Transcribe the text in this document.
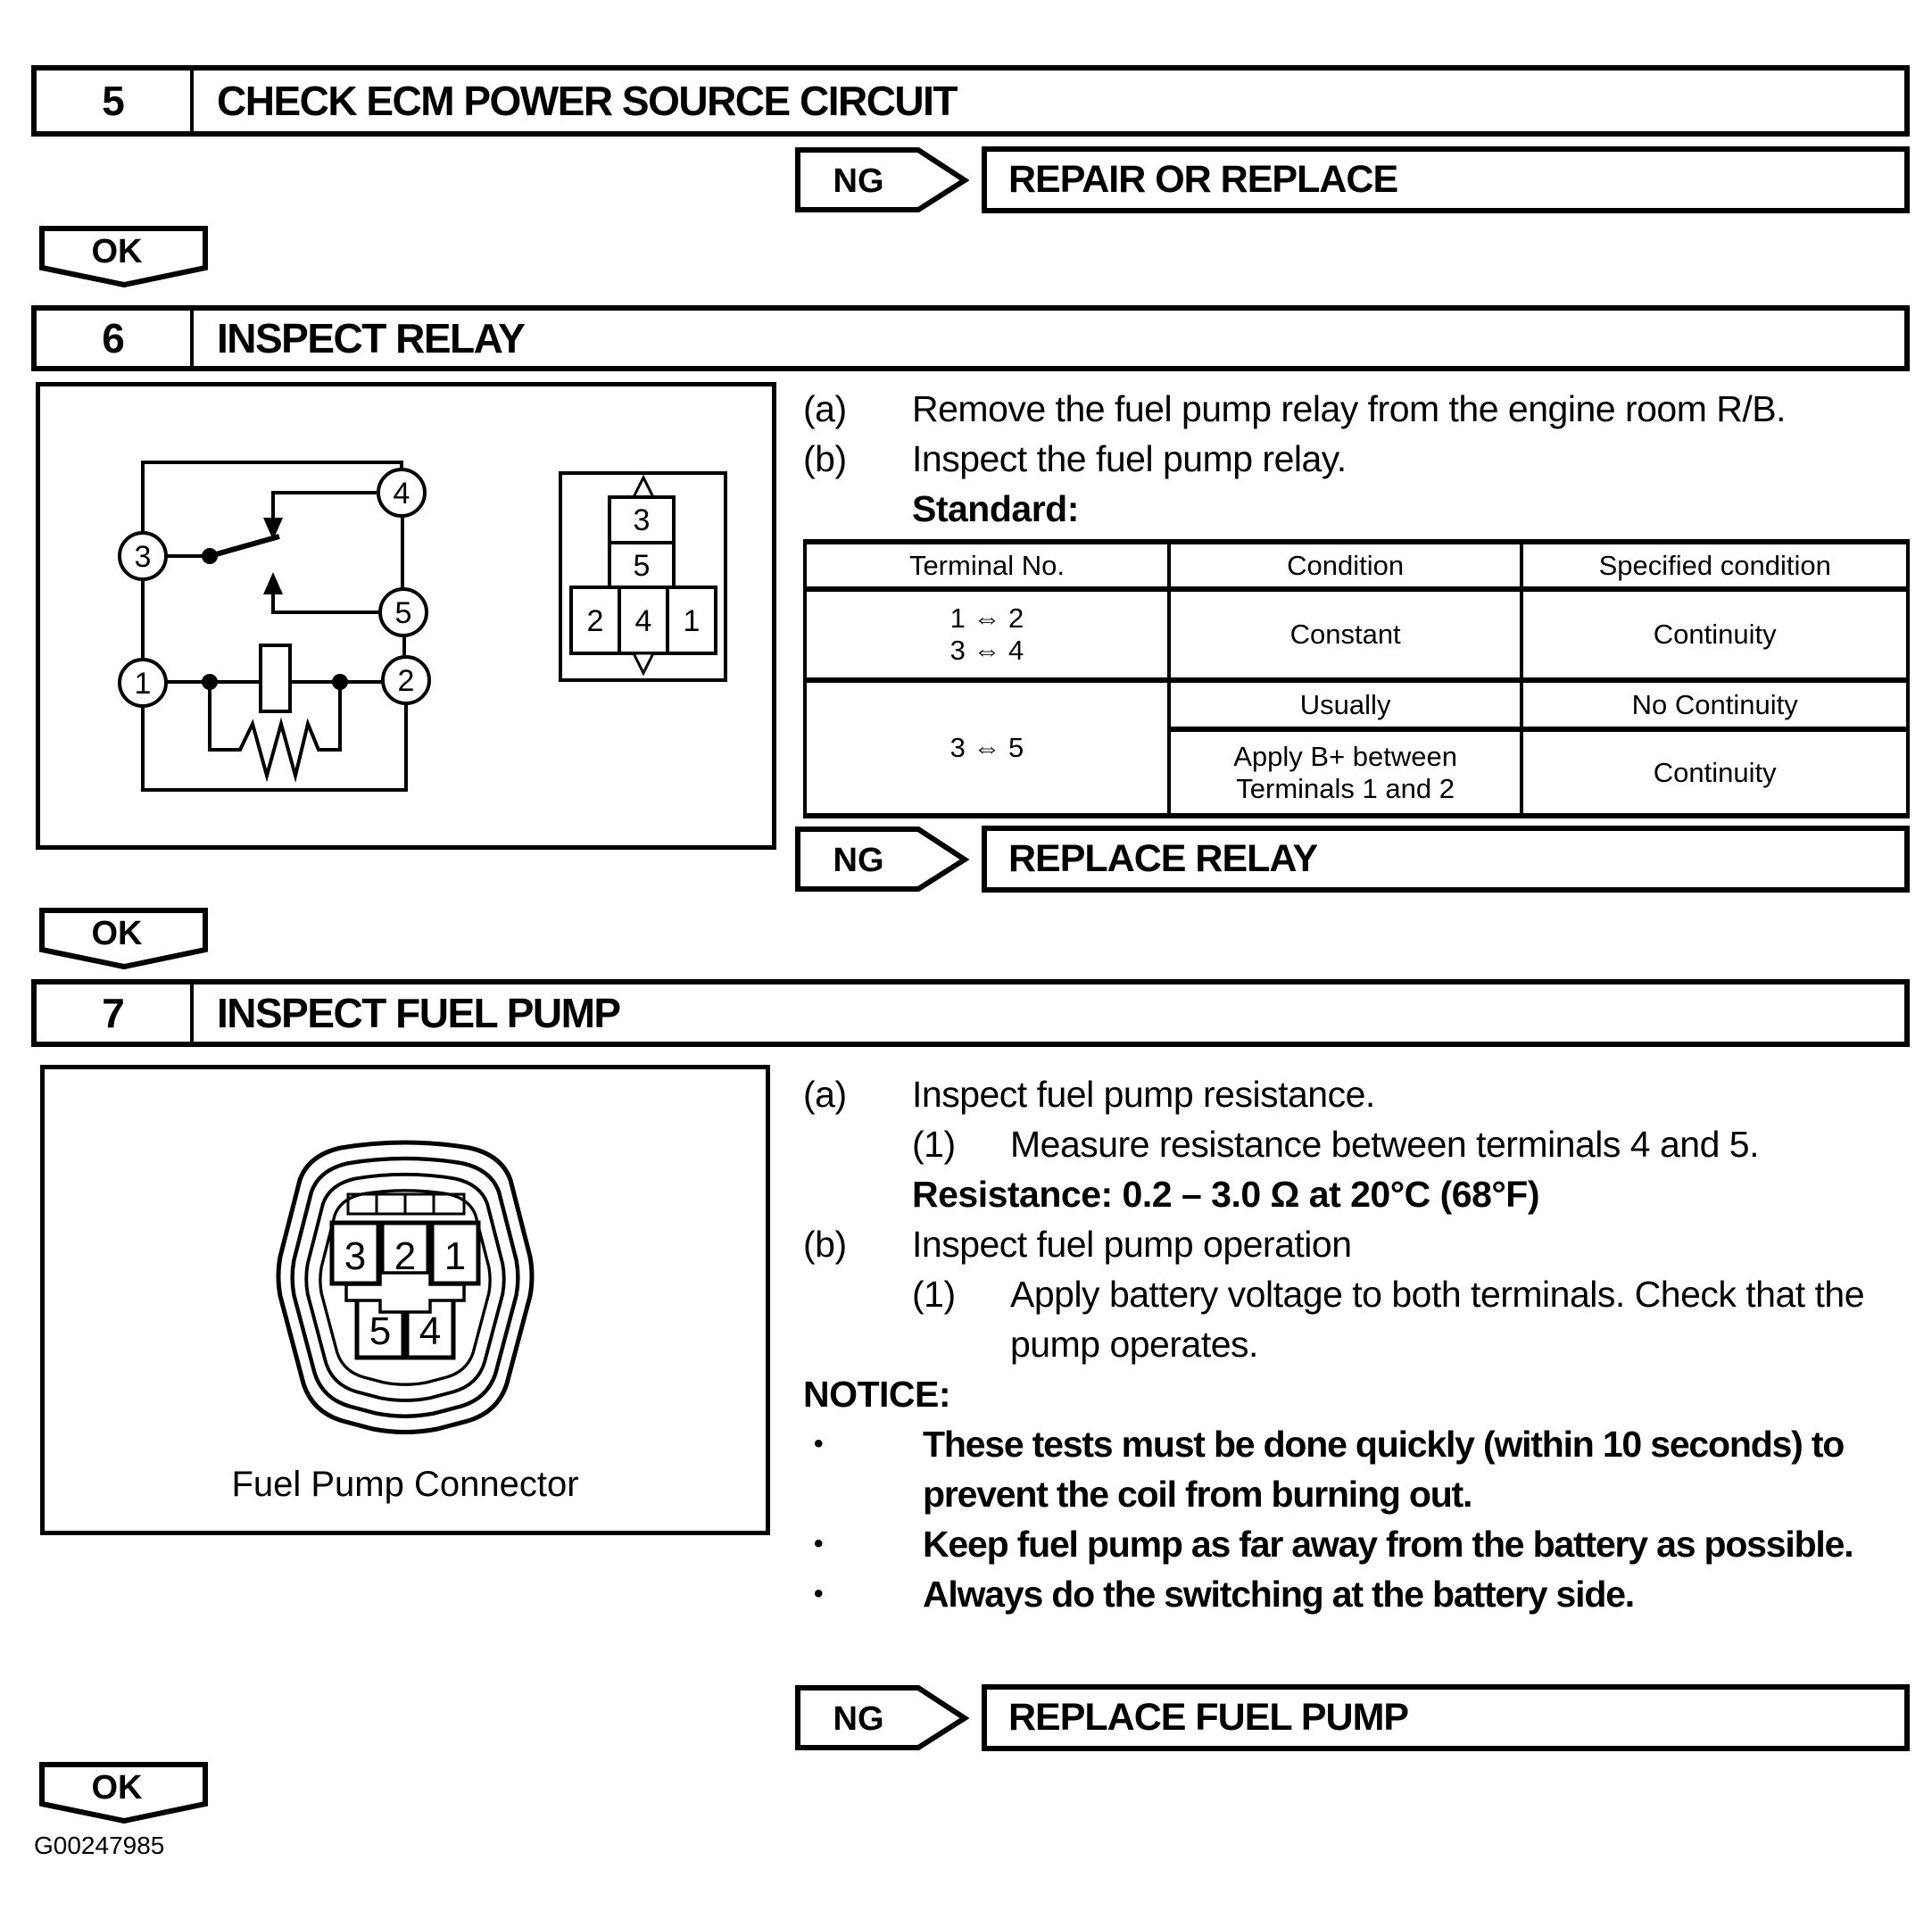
5	CHECK ECM POWER SOURCE CIRCUIT
NG	REPAIR OR REPLACE
OK
6	INSPECT RELAY
1	2
3
4
5
3
5
2 4 1
(a)	Remove the fuel pump relay from the engine room R/B.
(b)	Inspect the fuel pump relay.
Standard:
Terminal No.	Condition	Specified condition

1 ⇔ 2
3 ⇔ 4	Constant	Continuity
3 ⇔ 5	Usually	No Continuity

	Apply B+ between
Terminals 1 and 2	Continuity
NG	REPLACE RELAY
OK
7	INSPECT FUEL PUMP
3 2 1
5 4
Fuel Pump Connector
(a)	Inspect fuel pump resistance.
(1)	Measure resistance between terminals 4 and 5.
Resistance: 0.2 – 3.0 Ω at 20°C (68°F)
(b)	Inspect fuel pump operation
(1)	Apply battery voltage to both terminals. Check that the pump operates.
NOTICE:
•	These tests must be done quickly (within 10 seconds) to prevent the coil from burning out.
•	Keep fuel pump as far away from the battery as possible.
•	Always do the switching at the battery side.
NG	REPLACE FUEL PUMP
OK
G00247985
